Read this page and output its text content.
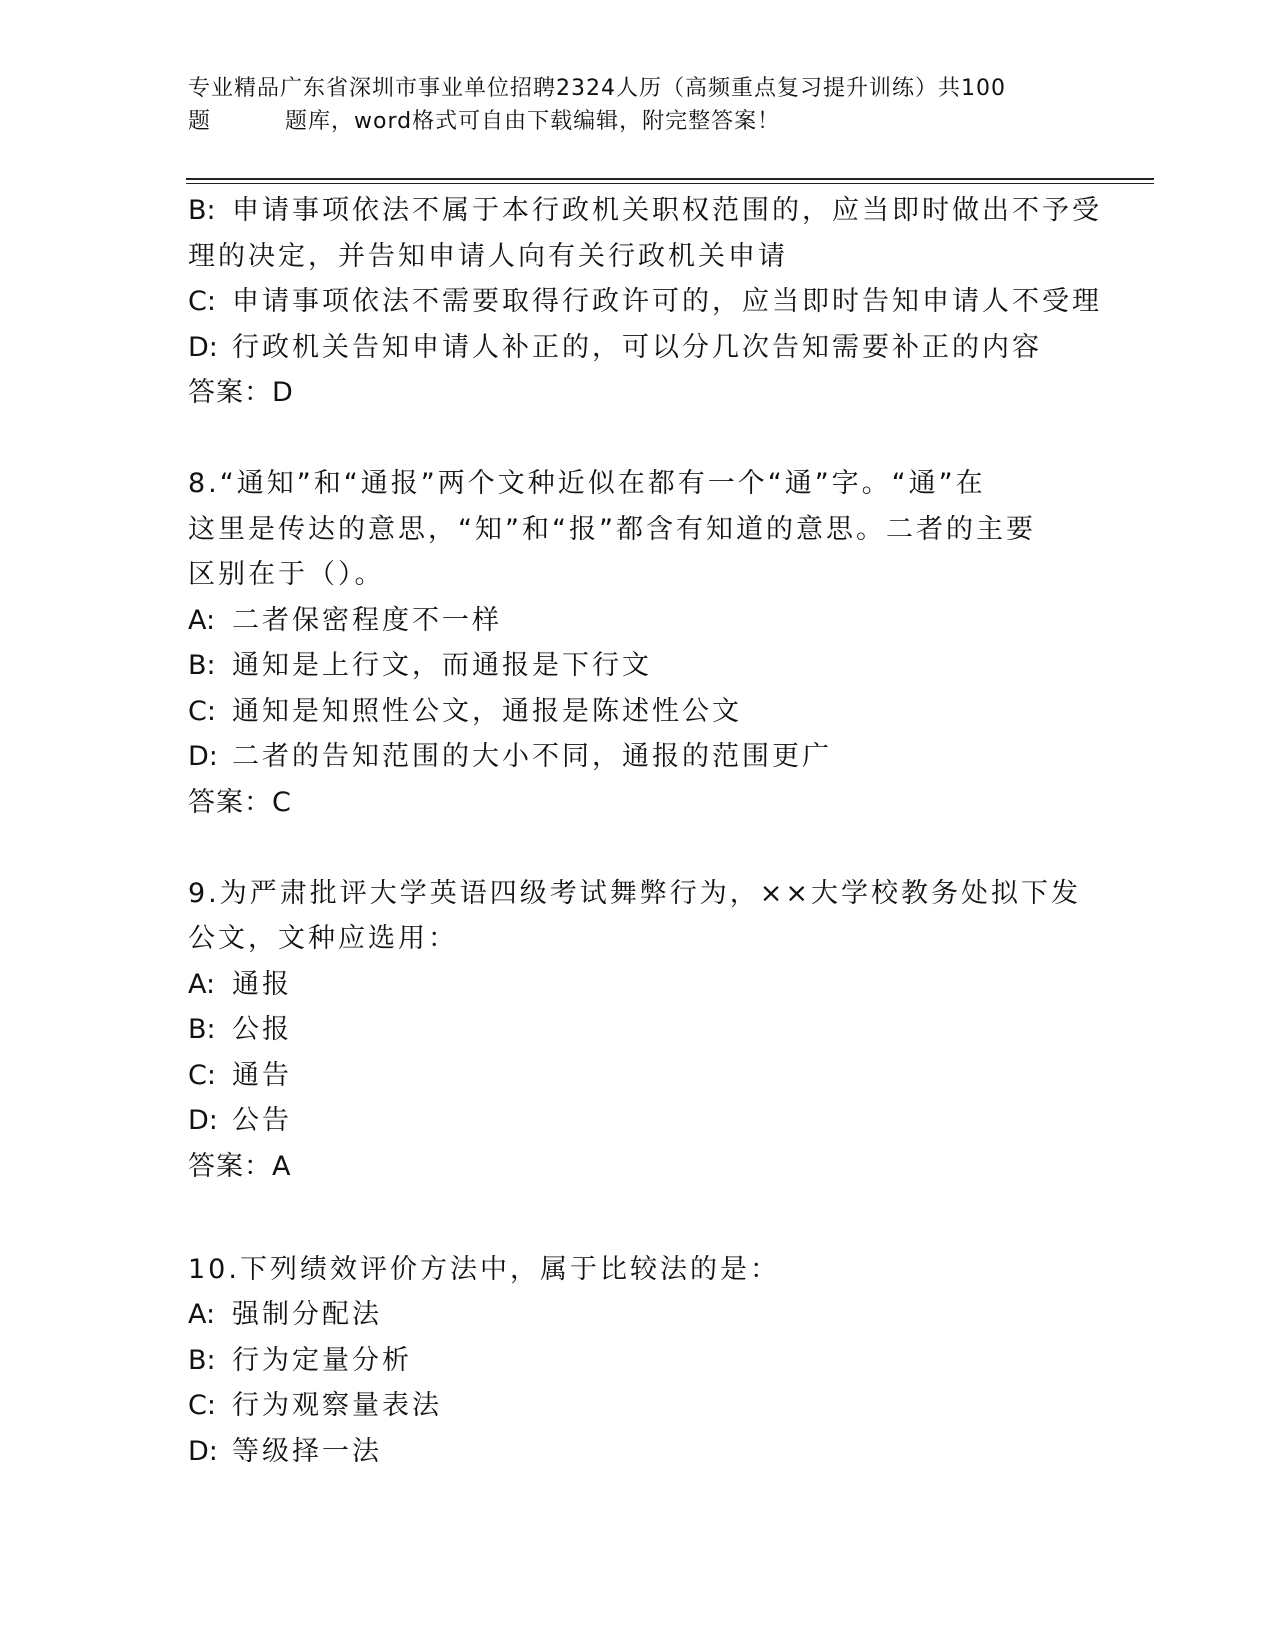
专业精品广东省深圳市事业单位招聘2324人历（高频重点复习提升训练）共100
题	题库，word格式可自由下载编辑，附完整答案！
B: 申请事项依法不属于本行政机关职权范围的，应当即时做出不予受
理的决定，并告知申请人向有关行政机关申请
C: 申请事项依法不需要取得行政许可的，应当即时告知申请人不受理
D: 行政机关告知申请人补正的，可以分几次告知需要补正的内容
答案：D
8.“通知”和“通报”两个文种近似在都有一个“通”字。“通”在
这里是传达的意思，“知”和“报”都含有知道的意思。二者的主要
区别在于（）。
A: 二者保密程度不一样
B: 通知是上行文，而通报是下行文
C: 通知是知照性公文，通报是陈述性公文
D: 二者的告知范围的大小不同，通报的范围更广
答案：C
9.为严肃批评大学英语四级考试舞弊行为，××大学校教务处拟下发
公文，文种应选用：
A: 通报
B: 公报
C: 通告
D: 公告
答案：A
10.下列绩效评价方法中，属于比较法的是：
A: 强制分配法
B: 行为定量分析
C: 行为观察量表法
D: 等级择一法
